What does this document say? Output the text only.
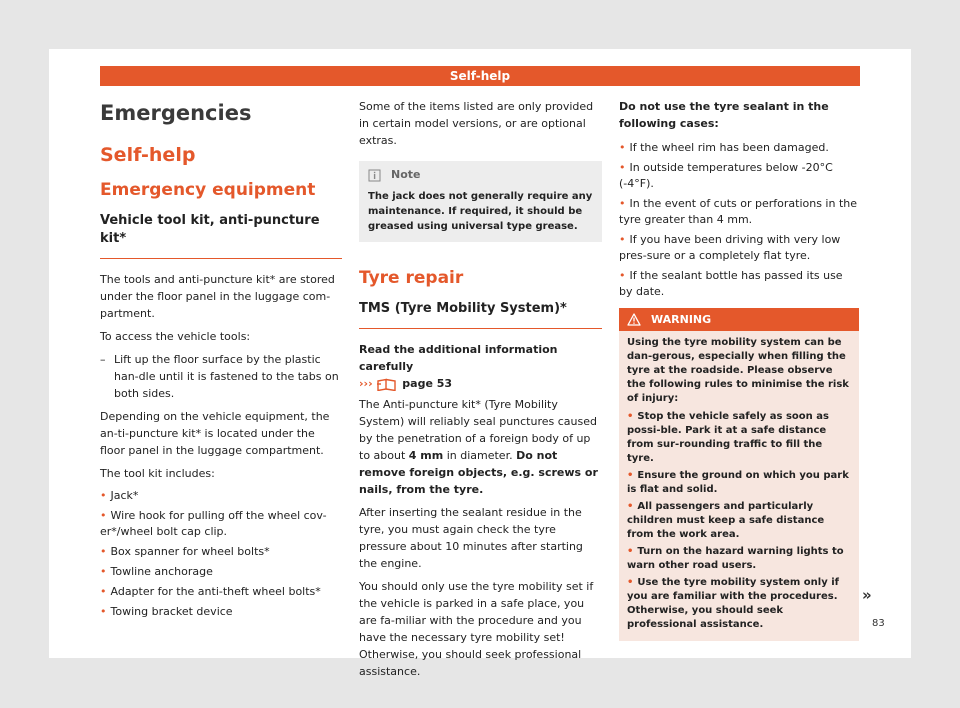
Self-help
Emergencies
Self-help
Emergency equipment
Vehicle tool kit, anti-puncture kit*

The tools and anti-puncture kit* are stored under the floor panel in the luggage com-partment.

To access the vehicle tools:

– Lift up the floor surface by the plastic han-dle until it is fastened to the tabs on both sides.

Depending on the vehicle equipment, the an-ti-puncture kit* is located under the floor panel in the luggage compartment.

The tool kit includes:

• Jack*
• Wire hook for pulling off the wheel cov-er*/wheel bolt cap clip.
• Box spanner for wheel bolts*
• Towline anchorage
• Adapter for the anti-theft wheel bolts*
• Towing bracket device

Some of the items listed are only provided in certain model versions, or are optional extras.

Note
The jack does not generally require any maintenance. If required, it should be greased using universal type grease.
Tyre repair
TMS (Tyre Mobility System)*

Read the additional information carefully
›››	page 53

The Anti-puncture kit* (Tyre Mobility System) will reliably seal punctures caused by the penetration of a foreign body of up to about 4 mm in diameter. Do not remove foreign objects, e.g. screws or nails, from the tyre.

After inserting the sealant residue in the tyre, you must again check the tyre pressure about 10 minutes after starting the engine.

You should only use the tyre mobility set if the vehicle is parked in a safe place, you are fa-miliar with the procedure and you have the necessary tyre mobility set! Otherwise, you should seek professional assistance.

Do not use the tyre sealant in the following cases:

• If the wheel rim has been damaged.
• In outside temperatures below -20°C (-4°F).
• In the event of cuts or perforations in the tyre greater than 4 mm.
• If you have been driving with very low pres-sure or a completely flat tyre.
• If the sealant bottle has passed its use by date.
WARNING
Using the tyre mobility system can be dan-gerous, especially when filling the tyre at the roadside. Please observe the following rules to minimise the risk of injury:
• Stop the vehicle safely as soon as possi-ble. Park it at a safe distance from sur-rounding traffic to fill the tyre.
• Ensure the ground on which you park is flat and solid.
• All passengers and particularly children must keep a safe distance from the work area.
• Turn on the hazard warning lights to warn other road users.
• Use the tyre mobility system only if you are familiar with the procedures. Otherwise, you should seek professional assistance.
»
83
